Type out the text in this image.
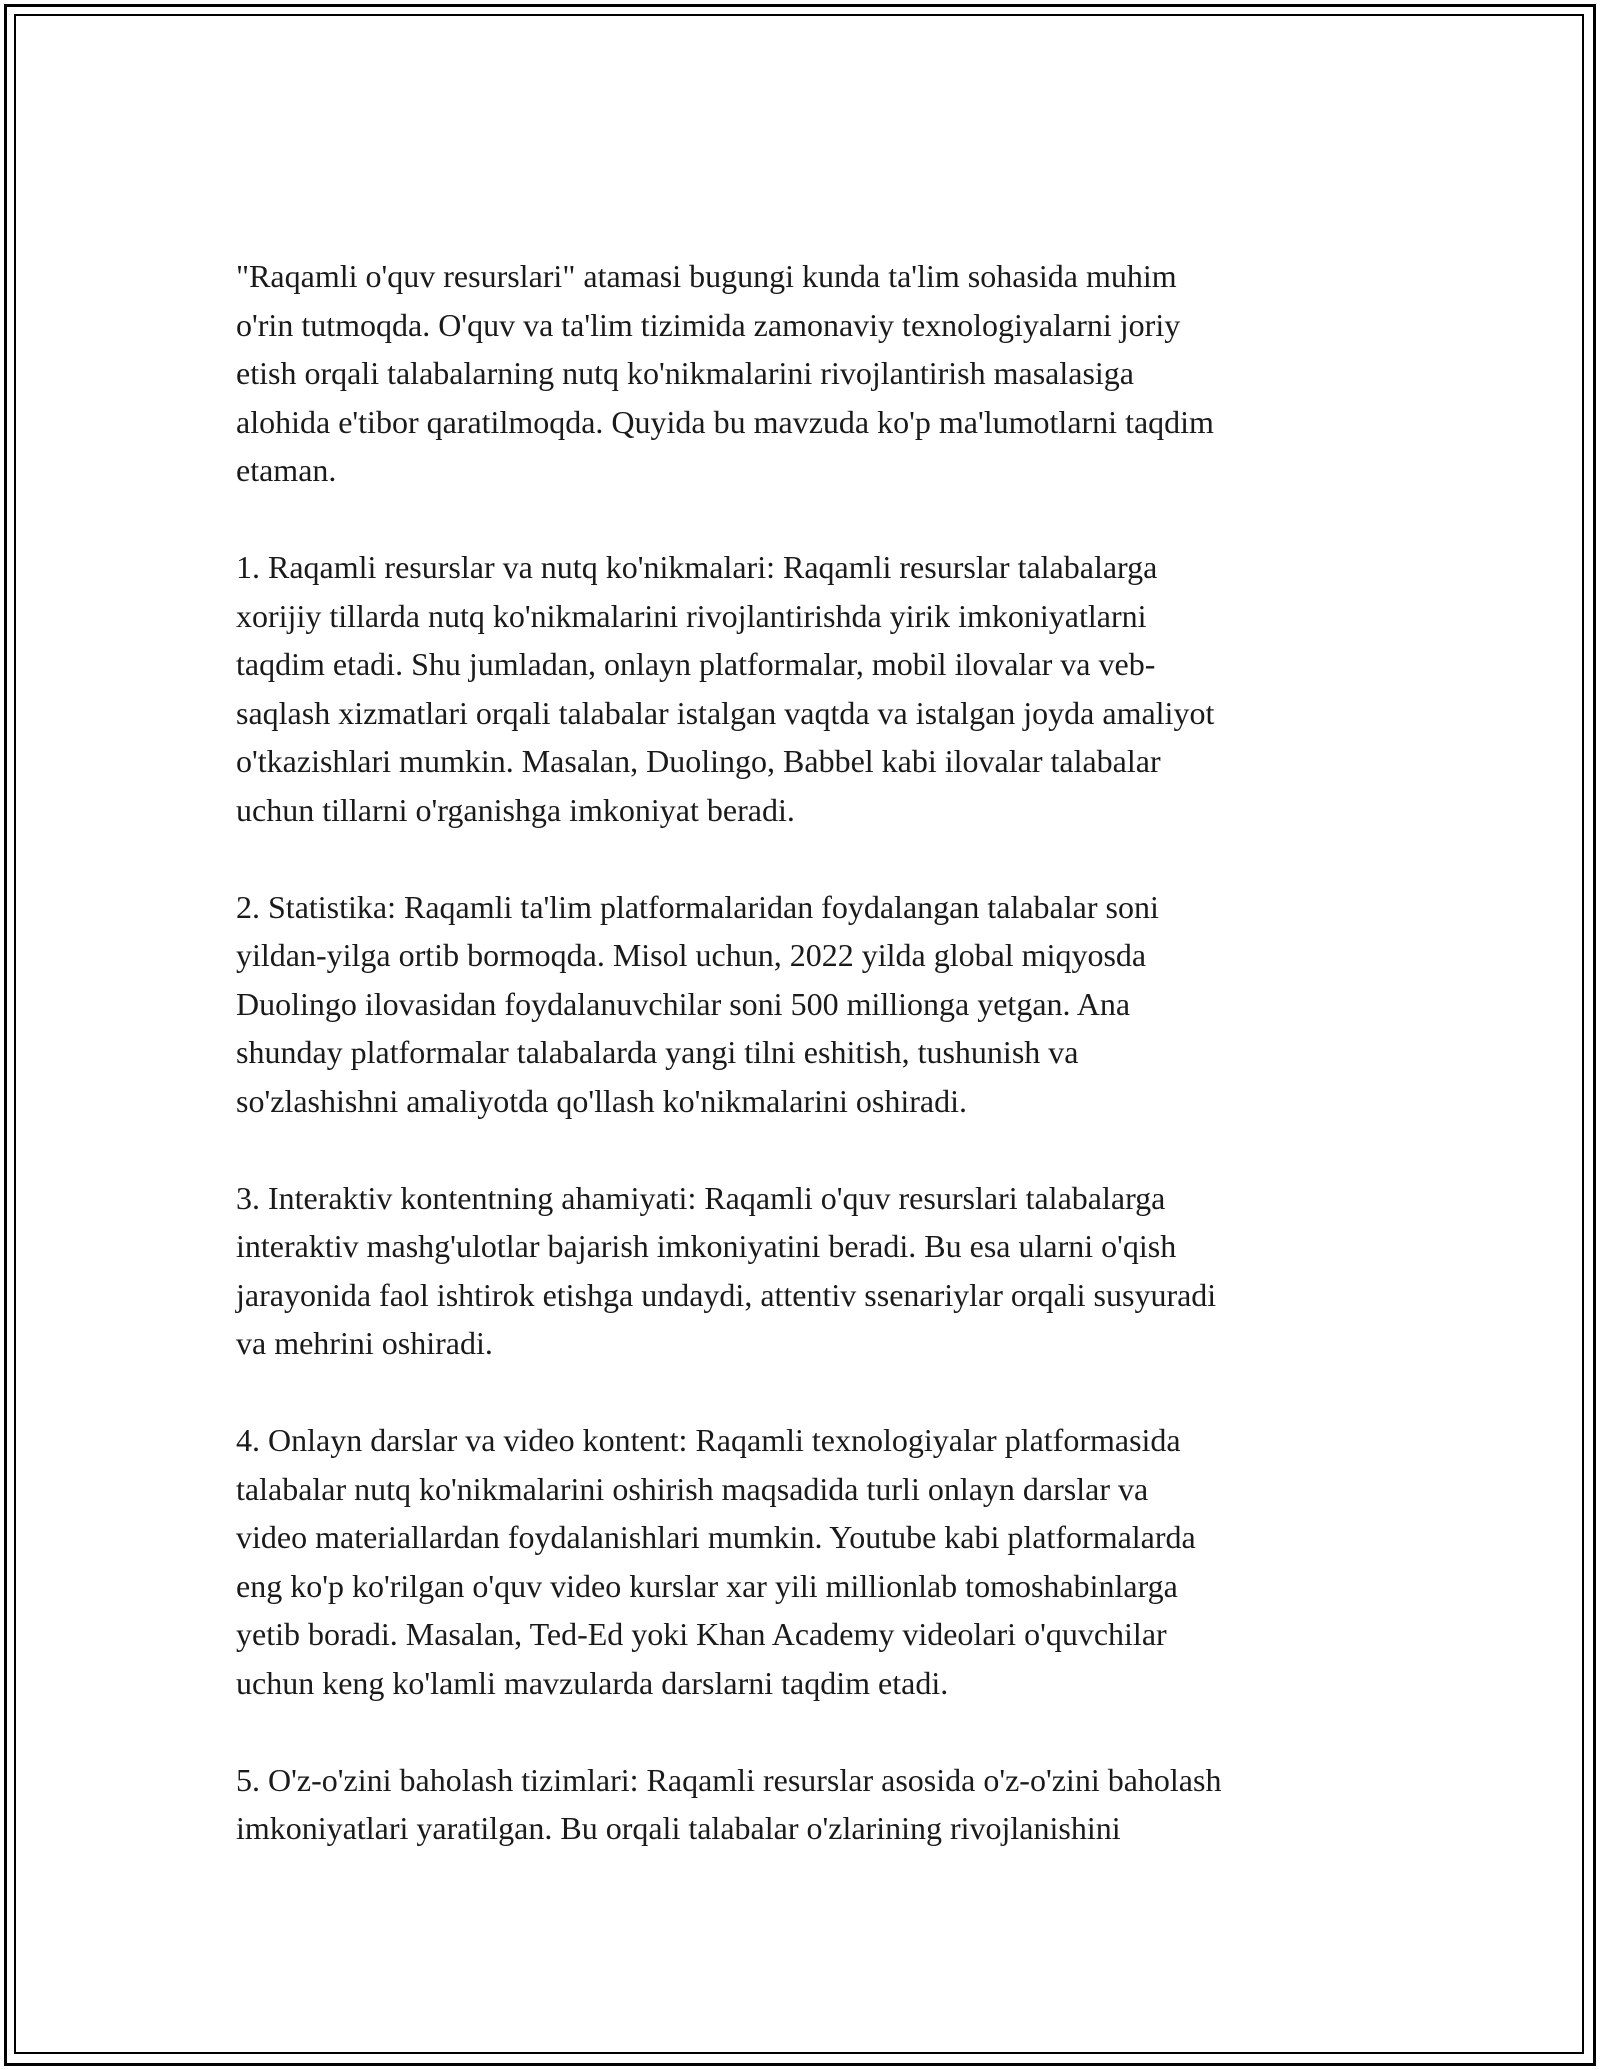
"Raqamli o'quv resurslari" atamasi bugungi kunda ta'lim sohasida muhim
o'rin tutmoqda. O'quv va ta'lim tizimida zamonaviy texnologiyalarni joriy
etish orqali talabalarning nutq ko'nikmalarini rivojlantirish masalasiga
alohida e'tibor qaratilmoqda. Quyida bu mavzuda ko'p ma'lumotlarni taqdim
etaman.

1. Raqamli resurslar va nutq ko'nikmalari: Raqamli resurslar talabalarga
xorijiy tillarda nutq ko'nikmalarini rivojlantirishda yirik imkoniyatlarni
taqdim etadi. Shu jumladan, onlayn platformalar, mobil ilovalar va veb-
saqlash xizmatlari orqali talabalar istalgan vaqtda va istalgan joyda amaliyot
o'tkazishlari mumkin. Masalan, Duolingo, Babbel kabi ilovalar talabalar
uchun tillarni o'rganishga imkoniyat beradi.

2. Statistika: Raqamli ta'lim platformalaridan foydalangan talabalar soni
yildan-yilga ortib bormoqda. Misol uchun, 2022 yilda global miqyosda
Duolingo ilovasidan foydalanuvchilar soni 500 millionga yetgan. Ana
shunday platformalar talabalarda yangi tilni eshitish, tushunish va
so'zlashishni amaliyotda qo'llash ko'nikmalarini oshiradi.

3. Interaktiv kontentning ahamiyati: Raqamli o'quv resurslari talabalarga
interaktiv mashg'ulotlar bajarish imkoniyatini beradi. Bu esa ularni o'qish
jarayonida faol ishtirok etishga undaydi, attentiv ssenariylar orqali susyuradi
va mehrini oshiradi.

4. Onlayn darslar va video kontent: Raqamli texnologiyalar platformasida
talabalar nutq ko'nikmalarini oshirish maqsadida turli onlayn darslar va
video materiallardan foydalanishlari mumkin. Youtube kabi platformalarda
eng ko'p ko'rilgan o'quv video kurslar xar yili millionlab tomoshabinlarga
yetib boradi. Masalan, Ted-Ed yoki Khan Academy videolari o'quvchilar
uchun keng ko'lamli mavzularda darslarni taqdim etadi.

5. O'z-o'zini baholash tizimlari: Raqamli resurslar asosida o'z-o'zini baholash
imkoniyatlari yaratilgan. Bu orqali talabalar o'zlarining rivojlanishini
